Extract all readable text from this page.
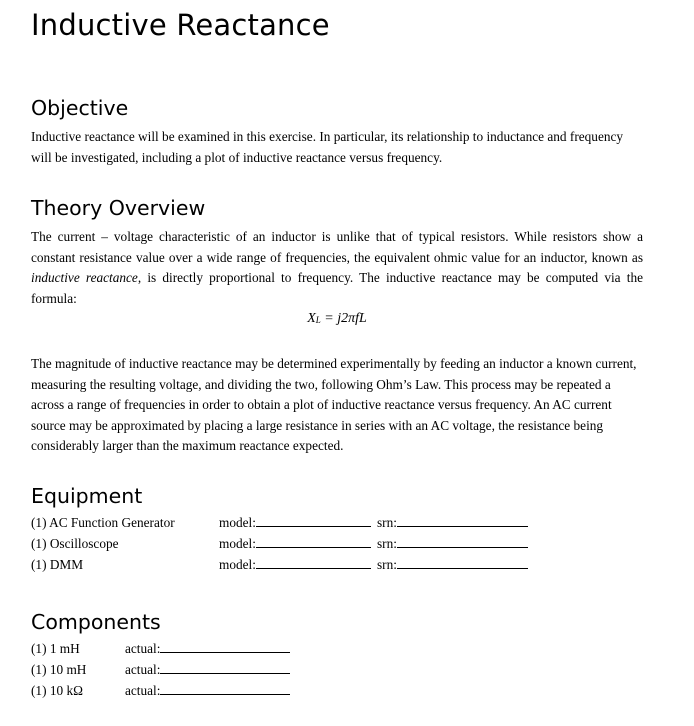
Inductive Reactance
Objective

Inductive reactance will be examined in this exercise. In particular, its relationship to inductance and frequency will be investigated, including a plot of inductive reactance versus frequency.

Theory Overview

The current – voltage characteristic of an inductor is unlike that of typical resistors. While resistors show a constant resistance value over a wide range of frequencies, the equivalent ohmic value for an inductor, known as inductive reactance, is directly proportional to frequency. The inductive reactance may be computed via the formula:

$X_L = j2\pi fL$

The magnitude of inductive reactance may be determined experimentally by feeding an inductor a known current, measuring the resulting voltage, and dividing the two, following Ohm’s Law. This process may be repeated a across a range of frequencies in order to obtain a plot of inductive reactance versus frequency. An AC current source may be approximated by placing a large resistance in series with an AC voltage, the resistance being considerably larger than the maximum reactance expected.

Equipment
(1) AC Function Generator	model:	srn:
(1) Oscilloscope	model:	srn:
(1) DMM	model:	srn:
Components
(1) 1 mH	actual:
(1) 10 mH	actual:
(1) 10 kΩ	actual:
